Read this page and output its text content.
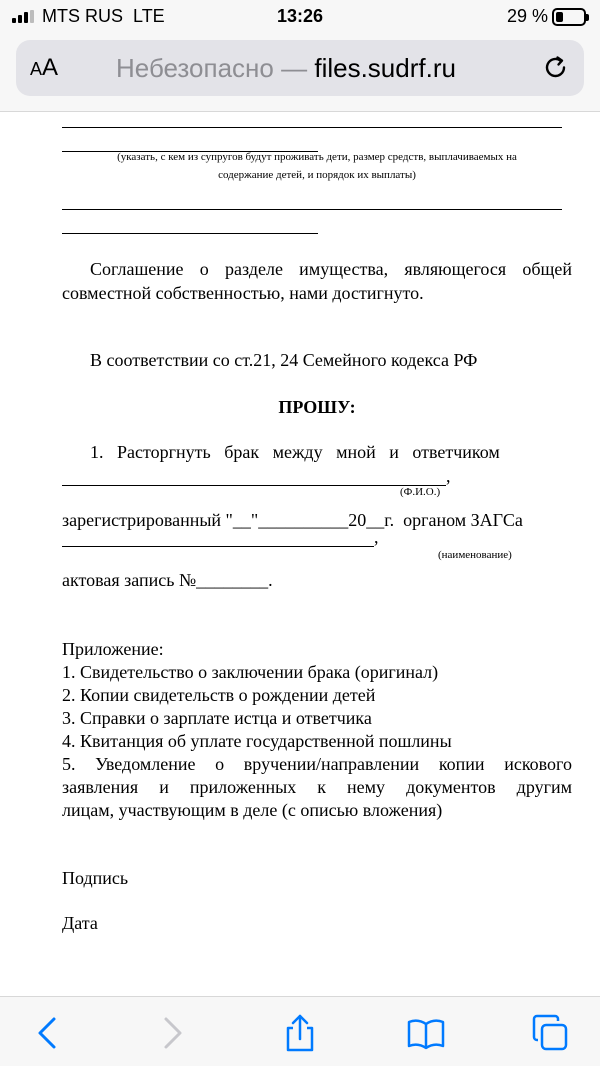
MTS RUS LTE	13:26	29 %
AA Небезопасно — files.sudrf.ru
(указать, с кем из супругов будут проживать дети, размер средств, выплачиваемых на
содержание детей, и порядок их выплаты)
Соглашение о разделе имущества, являющегося общей
совместной собственностью, нами достигнуто.
В соответствии со ст.21, 24 Семейного кодекса РФ
ПРОШУ:
1.   Расторгнуть   брак   между   мной   и   ответчиком
,
(Ф.И.О.)
зарегистрированный "__"__________20__г.  органом ЗАГСа
,
(наименование)
актовая запись №________.
Приложение:
1. Свидетельство о заключении брака (оригинал)
2. Копии свидетельств о рождении детей
3. Справки о зарплате истца и ответчика
4. Квитанция об уплате государственной пошлины
5. Уведомление о вручении/направлении копии искового
заявления и приложенных к нему документов другим
лицам, участвующим в деле (с описью вложения)
Подпись
Дата
